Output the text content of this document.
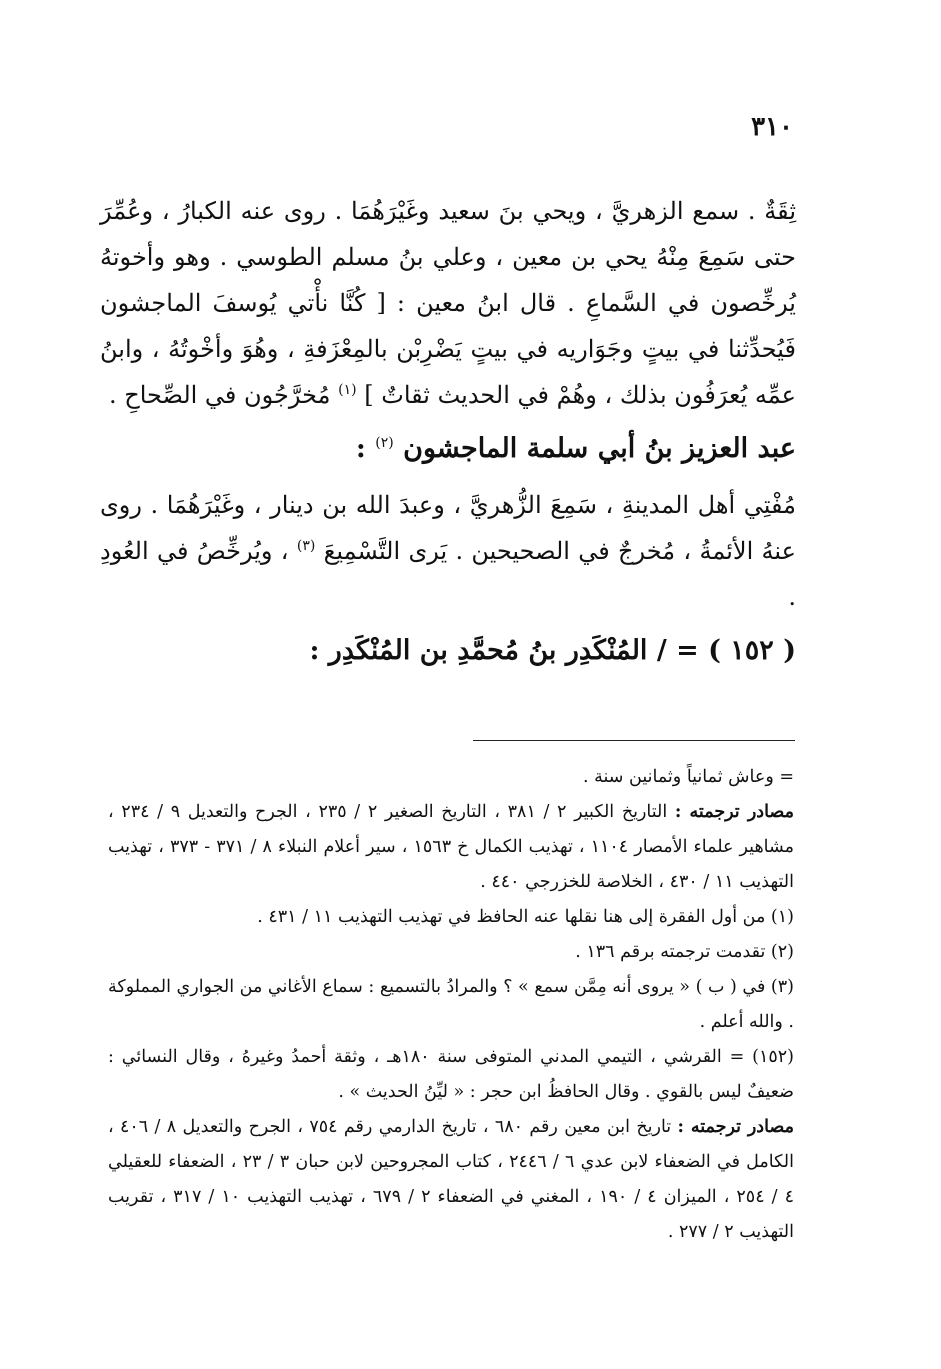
٣١٠

ثِقَةٌ . سمع الزهريَّ ، ويحي بنَ سعيد وغَيْرَهُمَا . روى عنه الكبارُ ، وعُمِّرَ حتى سَمِعَ مِنْهُ يحي بن معين ، وعلي بنُ مسلم الطوسي . وهو وأخوتهُ يُرخِّصون في السَّماعِ . قال ابنُ معين : [ كُنَّا نأْتي يُوسفَ الماجشون فَيُحدِّثنا في بيتٍ وجَوَاريه في بيتٍ يَضْرِبْن بالمِعْزَفةِ ، وهُوَ وأخْوتُهُ ، وابنُ عمِّه يُعرَفُون بذلك ، وهُمْ في الحديث ثقاتٌ ] $^{(١)}$ مُخرَّجُون في الصِّحاحِ .

عبد العزيز بنُ أبي سلمة الماجشون $^{(٢)}$ :

مُفْتِي أهل المدينةِ ، سَمِعَ الزُّهريَّ ، وعبدَ الله بن دينار ، وغَيْرَهُمَا . روى عنهُ الأئمةُ ، مُخرجٌ في الصحيحين . يَرى التَّسْمِيعَ $^{(٣)}$ ، ويُرخِّصُ في العُودِ .

( ١٥٢ ) = / المُنْكَدِر بنُ مُحمَّدِ بن المُنْكَدِر :

= وعاش ثمانياً وثمانين سنة .

مصادر ترجمته : التاريخ الكبير ٢ / ٣٨١ ، التاريخ الصغير ٢ / ٢٣٥ ، الجرح والتعديل ٩ / ٢٣٤ ، مشاهير علماء الأمصار ١١٠٤ ، تهذيب الكمال خ ١٥٦٣ ، سير أعلام النبلاء ٨ / ٣٧١ - ٣٧٣ ، تهذيب التهذيب ١١ / ٤٣٠ ، الخلاصة للخزرجي ٤٤٠ .

(١) من أول الفقرة إلى هنا نقلها عنه الحافظ في تهذيب التهذيب ١١ / ٤٣١ .

(٢) تقدمت ترجمته برقم ١٣٦ .

(٣) في ( ب ) « يروى أنه مِمَّن سمع » ؟ والمرادُ بالتسميع : سماع الأغاني من الجواري المملوكة . والله أعلم .

(١٥٢) = القرشي ، التيمي المدني المتوفى سنة ١٨٠هـ ، وثقة أحمدُ وغيرهُ ، وقال النسائي : ضعيفٌ ليس بالقوي . وقال الحافظُ ابن حجر : « ليِّنُ الحديث » .

مصادر ترجمته : تاريخ ابن معين رقم ٦٨٠ ، تاريخ الدارمي رقم ٧٥٤ ، الجرح والتعديل ٨ / ٤٠٦ ، الكامل في الضعفاء لابن عدي ٦ / ٢٤٤٦ ، كتاب المجروحين لابن حبان ٣ / ٢٣ ، الضعفاء للعقيلي ٤ / ٢٥٤ ، الميزان ٤ / ١٩٠ ، المغني في الضعفاء ٢ / ٦٧٩ ، تهذيب التهذيب ١٠ / ٣١٧ ، تقريب التهذيب ٢ / ٢٧٧ .
